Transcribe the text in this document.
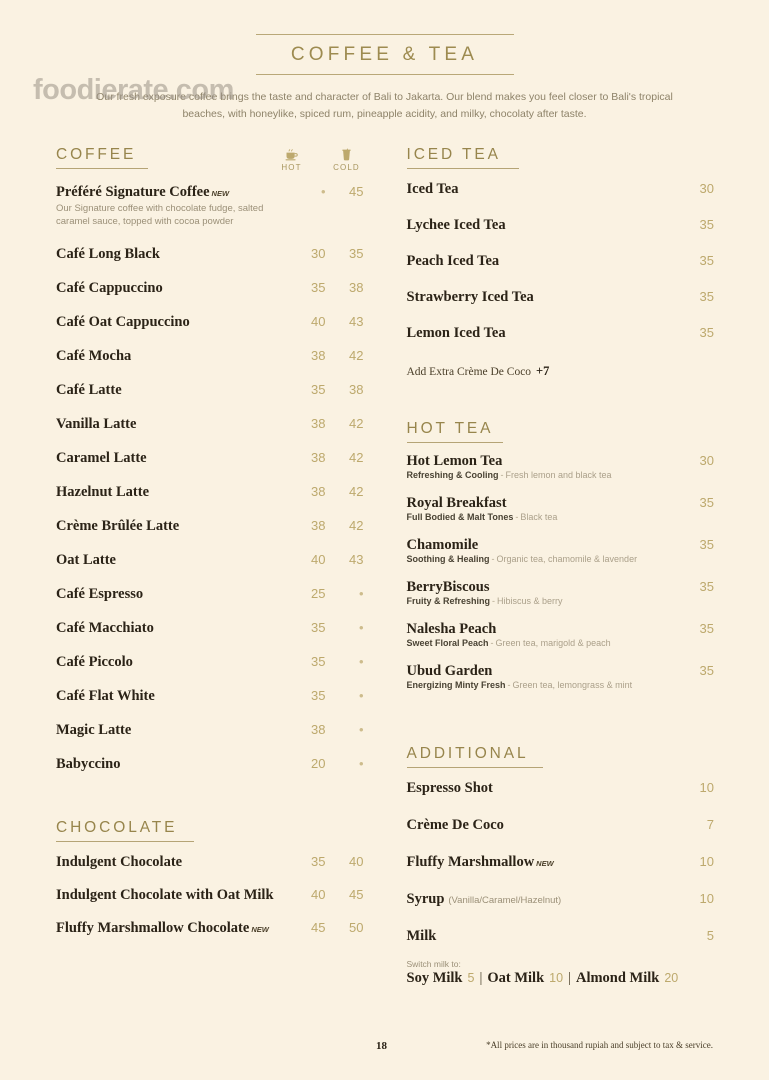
foodierate.com
COFFEE & TEA
Our fresh exposure coffee brings the taste and character of Bali to Jakarta. Our blend makes you feel closer to Bali's tropical beaches, with honeylike, spiced rum, pineapple acidity, and milky, chocolaty after taste.
COFFEE
HOT	COLD
Préféré Signature Coffee NEW	•	45
Our Signature coffee with chocolate fudge, salted caramel sauce, topped with cocoa powder
Café Long Black	30	35
Café Cappuccino	35	38
Café Oat Cappuccino	40	43
Café Mocha	38	42
Café Latte	35	38
Vanilla Latte	38	42
Caramel Latte	38	42
Hazelnut Latte	38	42
Crème Brûlée Latte	38	42
Oat Latte	40	43
Café Espresso	25	•
Café Macchiato	35	•
Café Piccolo	35	•
Café Flat White	35	•
Magic Latte	38	•
Babyccino	20	•
CHOCOLATE
Indulgent Chocolate	35	40
Indulgent Chocolate with Oat Milk	40	45
Fluffy Marshmallow Chocolate NEW	45	50
ICED TEA
Iced Tea	30
Lychee Iced Tea	35
Peach Iced Tea	35
Strawberry Iced Tea	35
Lemon Iced Tea	35
Add Extra Crème De Coco +7
HOT TEA
Hot Lemon Tea	30
Refreshing & Cooling - Fresh lemon and black tea
Royal Breakfast	35
Full Bodied & Malt Tones - Black tea
Chamomile	35
Soothing & Healing - Organic tea, chamomile & lavender
BerryBiscous	35
Fruity & Refreshing - Hibiscus & berry
Nalesha Peach	35
Sweet Floral Peach - Green tea, marigold & peach
Ubud Garden	35
Energizing Minty Fresh - Green tea, lemongrass & mint
ADDITIONAL
Espresso Shot	10
Crème De Coco	7
Fluffy Marshmallow NEW	10
Syrup (Vanilla/Caramel/Hazelnut)	10
Milk	5
Switch milk to:
Soy Milk 5 | Oat Milk 10 | Almond Milk 20
18	*All prices are in thousand rupiah and subject to tax & service.
